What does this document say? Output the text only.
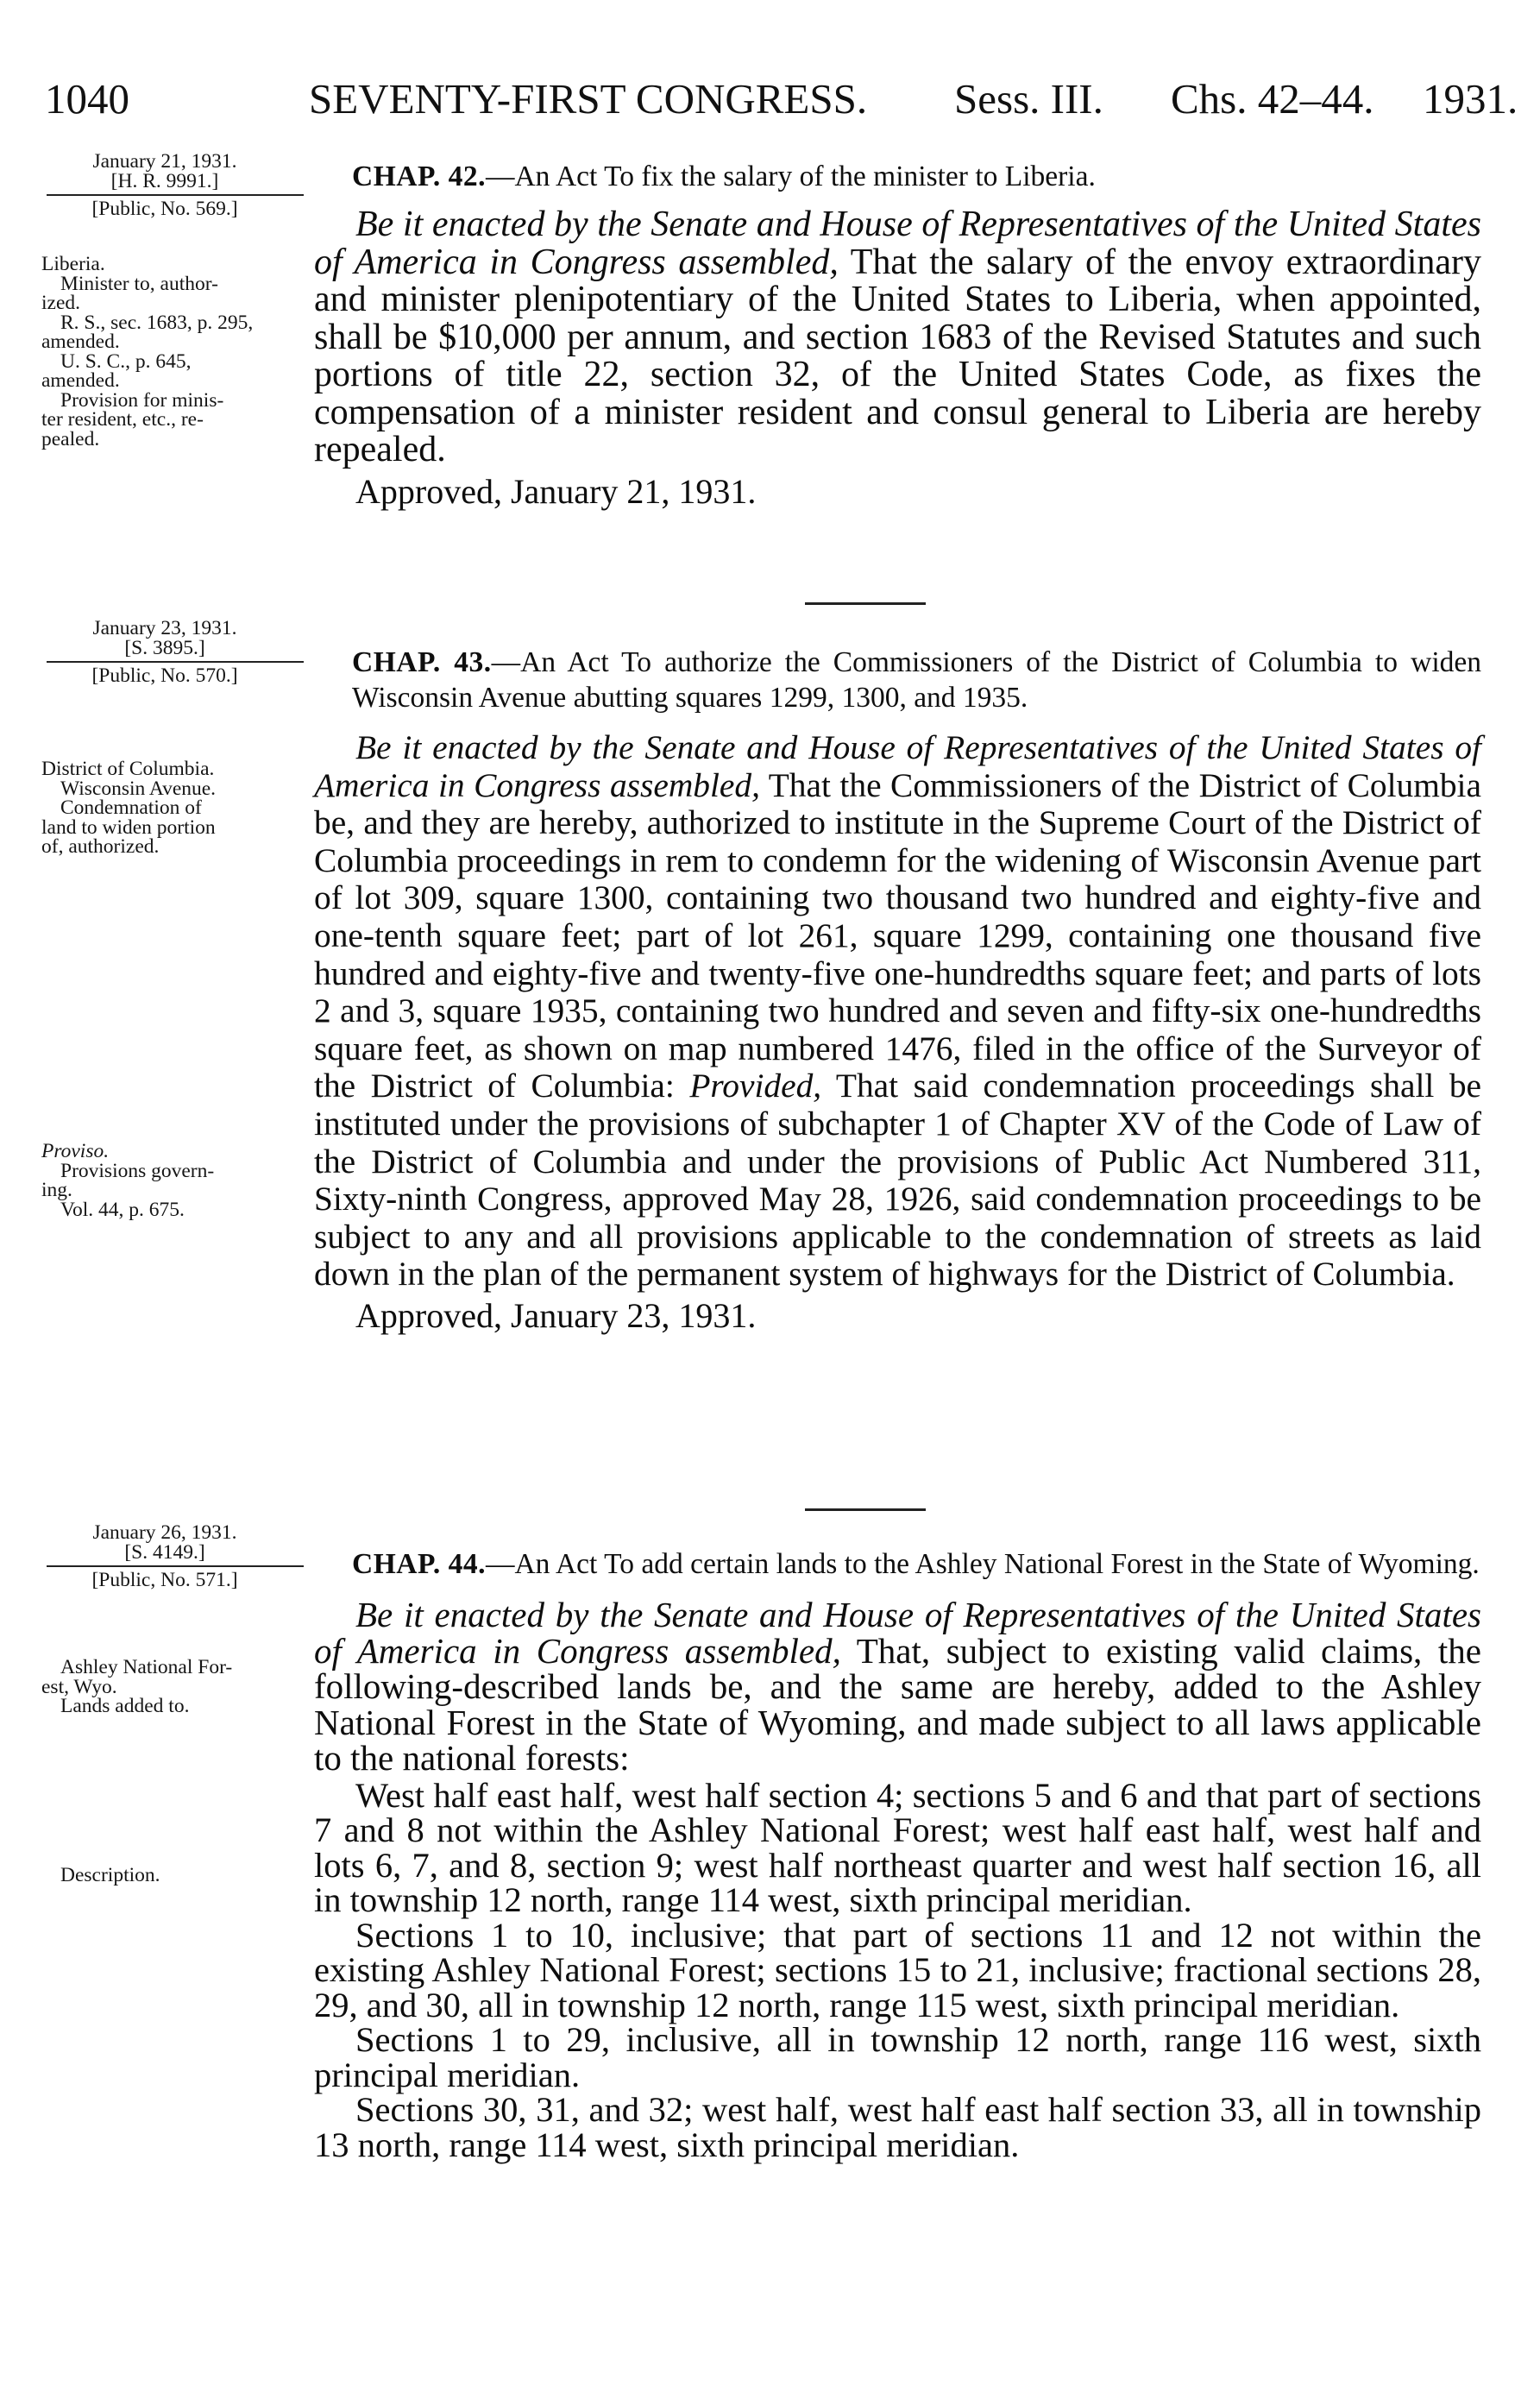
1040	SEVENTY-FIRST CONGRESS. Sess. III. Chs. 42–44. 1931.
January 21, 1931.
[H. R. 9991.]
[Public, No. 569.]
Liberia.
Minister to, author-
ized.
R. S., sec. 1683, p. 295,
amended.
U. S. C., p. 645,
amended.
Provision for minis-
ter resident, etc., re-
pealed.
CHAP. 42.—An Act To fix the salary of the minister to Liberia.

Be it enacted by the Senate and House of Representatives of the United States of America in Congress assembled, That the salary of the envoy extraordinary and minister plenipotentiary of the United States to Liberia, when appointed, shall be $10,000 per annum, and section 1683 of the Revised Statutes and such portions of title 22, section 32, of the United States Code, as fixes the compensation of a minister resident and consul general to Liberia are hereby repealed.

Approved, January 21, 1931.
January 23, 1931.
[S. 3895.]
[Public, No. 570.]
District of Columbia.
Wisconsin Avenue.
Condemnation of
land to widen portion
of, authorized.
Proviso.
Provisions govern-
ing.
Vol. 44, p. 675.
CHAP. 43.—An Act To authorize the Commissioners of the District of Columbia to widen Wisconsin Avenue abutting squares 1299, 1300, and 1935.

Be it enacted by the Senate and House of Representatives of the United States of America in Congress assembled, That the Commissioners of the District of Columbia be, and they are hereby, authorized to institute in the Supreme Court of the District of Columbia proceedings in rem to condemn for the widening of Wisconsin Avenue part of lot 309, square 1300, containing two thousand two hundred and eighty-five and one-tenth square feet; part of lot 261, square 1299, containing one thousand five hundred and eighty-five and twenty-five one-hundredths square feet; and parts of lots 2 and 3, square 1935, containing two hundred and seven and fifty-six one-hundredths square feet, as shown on map numbered 1476, filed in the office of the Surveyor of the District of Columbia: Provided, That said condemnation proceedings shall be instituted under the provisions of subchapter 1 of Chapter XV of the Code of Law of the District of Columbia and under the provisions of Public Act Numbered 311, Sixty-ninth Congress, approved May 28, 1926, said condemnation proceedings to be subject to any and all provisions applicable to the condemnation of streets as laid down in the plan of the permanent system of highways for the District of Columbia.

Approved, January 23, 1931.
January 26, 1931.
[S. 4149.]
[Public, No. 571.]
Ashley National For-
est, Wyo.
Lands added to.
Description.
CHAP. 44.—An Act To add certain lands to the Ashley National Forest in the State of Wyoming.

Be it enacted by the Senate and House of Representatives of the United States of America in Congress assembled, That, subject to existing valid claims, the following-described lands be, and the same are hereby, added to the Ashley National Forest in the State of Wyoming, and made subject to all laws applicable to the national forests:

West half east half, west half section 4; sections 5 and 6 and that part of sections 7 and 8 not within the Ashley National Forest; west half east half, west half and lots 6, 7, and 8, section 9; west half northeast quarter and west half section 16, all in township 12 north, range 114 west, sixth principal meridian.

Sections 1 to 10, inclusive; that part of sections 11 and 12 not within the existing Ashley National Forest; sections 15 to 21, inclusive; fractional sections 28, 29, and 30, all in township 12 north, range 115 west, sixth principal meridian.

Sections 1 to 29, inclusive, all in township 12 north, range 116 west, sixth principal meridian.

Sections 30, 31, and 32; west half, west half east half section 33, all in township 13 north, range 114 west, sixth principal meridian.
